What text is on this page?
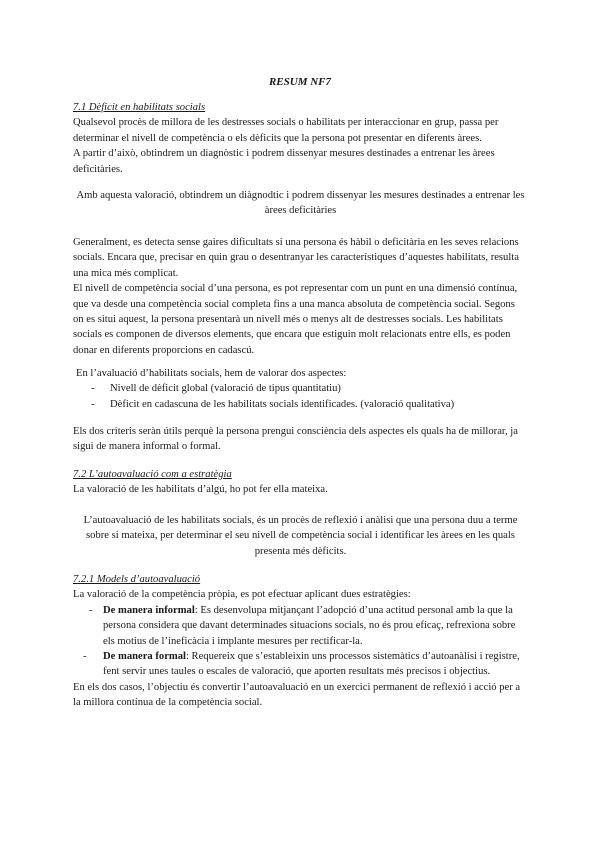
RESUM NF7

7.1 Dèficit en habilitats socials

Qualsevol procès de millora de les destresses socials o habilitats per interaccionar en grup, passa per determinar el nivell de competència o els dèficits que la persona pot presentar en diferents àrees.

A partir d’això, obtindrem un diagnòstic i podrem dissenyar mesures destinades a entrenar les àrees deficitàries.

Amb aquesta valoració, obtindrem un diàgnodtic i podrem dissenyar les mesures destinades a entrenar les àrees deficitàries

Generalment, es detecta sense gaires dificultats si una persona és hàbil o deficitària en les seves relacions socials. Encara que, precisar en quin grau o desentranyar les característiques d’aquestes habilitats, resulta una mica més complicat.

El nivell de competència social d’una persona, es pot representar com un punt en una dimensió contínua, que va desde una competència social completa fins a una manca absoluta de competència social. Segons on es situi aquest, la persona presentarà un nivell més o menys alt de destresses socials. Les habilitats socials es componen de diversos elements, que encara que estiguin molt relacionats entre ells, es poden donar en diferents proporcions en cadascú.

En l’avaluació d’habilitats socials, hem de valorar dos aspectes:

- Nivell de dèficit global (valoració de tipus quantitatiu)
- Dèficit en cadascuna de les habilitats socials identificades. (valoració qualitativa)

Els dos criteris seràn útils perquè la persona prengui consciència dels aspectes els quals ha de millorar, ja sigui de manera informal o formal.

7.2 L’autoavaluació com a estratègia

La valoració de les habilitats d’algú, ho pot fer ella mateixa.

L’autoavaluació de les habilitats socials, és un procès de reflexió i anàlisi que una persona duu a terme sobre si mateixa, per determinar el seu nivell de competència social i identificar les àrees en les quals presenta més dèficits.

7.2.1 Models d’autoavaluació

La valoració de la competència pròpia, es pot efectuar aplicant dues estratègies:

- De manera informal: Es desenvolupa mitjançant l’adopció d’una actitud personal amb la que la persona considera que davant determinades situacions socials, no és prou eficaç, refrexiona sobre els motius de l’ineficàcia i implante mesures per rectificar-la.
- De manera formal: Requereix que s’estableixin uns processos sistemàtics d’autoanàlisi i registre, fent servir unes taules o escales de valoració, que aporten resultats més precisos i objectius.

En els dos casos, l’objectiu és convertir l’autoavaluació en un exercici permanent de reflexió i acció per a la millora contínua de la competència social.
